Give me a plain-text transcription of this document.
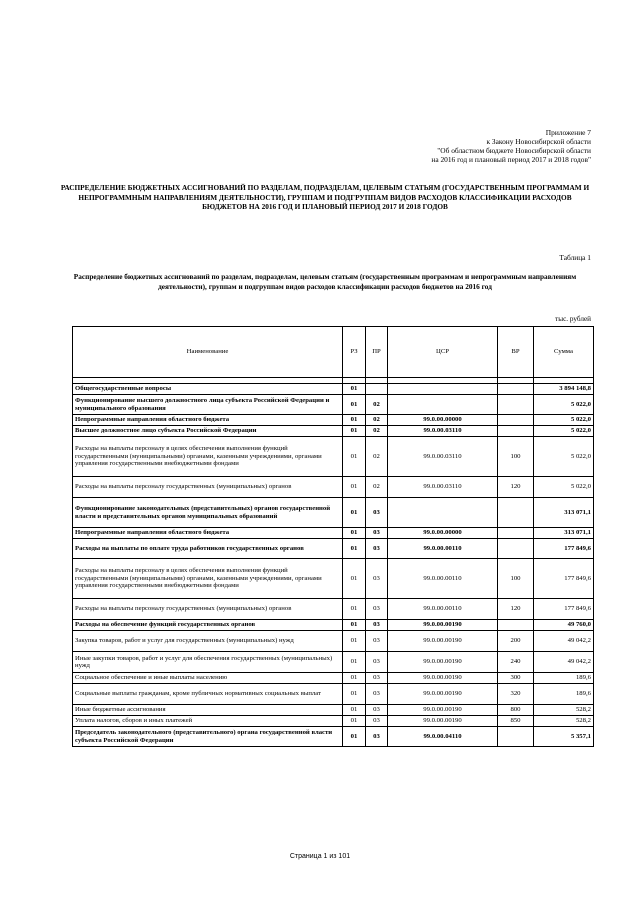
Приложение 7
к Закону Новосибирской области
"Об областном бюджете Новосибирской области
на 2016 год и плановый период 2017 и 2018 годов"
РАСПРЕДЕЛЕНИЕ БЮДЖЕТНЫХ АССИГНОВАНИЙ ПО РАЗДЕЛАМ, ПОДРАЗДЕЛАМ, ЦЕЛЕВЫМ СТАТЬЯМ (ГОСУДАРСТВЕННЫМ ПРОГРАММАМ И НЕПРОГРАММНЫМ НАПРАВЛЕНИЯМ ДЕЯТЕЛЬНОСТИ), ГРУППАМ И ПОДГРУППАМ ВИДОВ РАСХОДОВ КЛАССИФИКАЦИИ РАСХОДОВ БЮДЖЕТОВ НА 2016 ГОД И ПЛАНОВЫЙ ПЕРИОД 2017 И 2018 ГОДОВ
Таблица 1
Распределение бюджетных ассигнований по разделам, подразделам, целевым статьям (государственным программам и непрограммным направлениям деятельности), группам и подгруппам видов расходов классификации расходов бюджетов на 2016 год
тыс. рублей
Наименование	РЗ	ПР	ЦСР	ВР	Сумма

Общегосударственные вопросы	01				3 894 148,8
Функционирование высшего должностного лица субъекта Российской Федерации и муниципального образования	01	02			5 022,0
Непрограммные направления областного бюджета	01	02	99.0.00.00000		5 022,0
Высшее должностное лицо субъекта Российской Федерации	01	02	99.0.00.03110		5 022,0
Расходы на выплаты персоналу в целях обеспечения выполнения функций государственными (муниципальными) органами, казенными учреждениями, органами управления государственными внебюджетными фондами	01	02	99.0.00.03110	100	5 022,0
Расходы на выплаты персоналу государственных (муниципальных) органов	01	02	99.0.00.03110	120	5 022,0
Функционирование законодательных (представительных) органов государственной власти и представительных органов муниципальных образований	01	03			313 071,1
Непрограммные направления областного бюджета	01	03	99.0.00.00000		313 071,1
Расходы на выплаты по оплате труда работников государственных органов	01	03	99.0.00.00110		177 849,6
Расходы на выплаты персоналу в целях обеспечения выполнения функций государственными (муниципальными) органами, казенными учреждениями, органами управления государственными внебюджетными фондами	01	03	99.0.00.00110	100	177 849,6
Расходы на выплаты персоналу государственных (муниципальных) органов	01	03	99.0.00.00110	120	177 849,6
Расходы на обеспечение функций государственных органов	01	03	99.0.00.00190		49 760,0
Закупка товаров, работ и услуг для государственных (муниципальных) нужд	01	03	99.0.00.00190	200	49 042,2
Иные закупки товаров, работ и услуг для обеспечения государственных (муниципальных) нужд	01	03	99.0.00.00190	240	49 042,2
Социальное обеспечение и иные выплаты населению	01	03	99.0.00.00190	300	189,6
Социальные выплаты гражданам, кроме публичных нормативных социальных выплат	01	03	99.0.00.00190	320	189,6
Иные бюджетные ассигнования	01	03	99.0.00.00190	800	528,2
Уплата налогов, сборов и иных платежей	01	03	99.0.00.00190	850	528,2
Председатель законодательного (представительного) органа государственной власти субъекта Российской Федерации	01	03	99.0.00.04110		5 357,1
Страница 1 из 101
